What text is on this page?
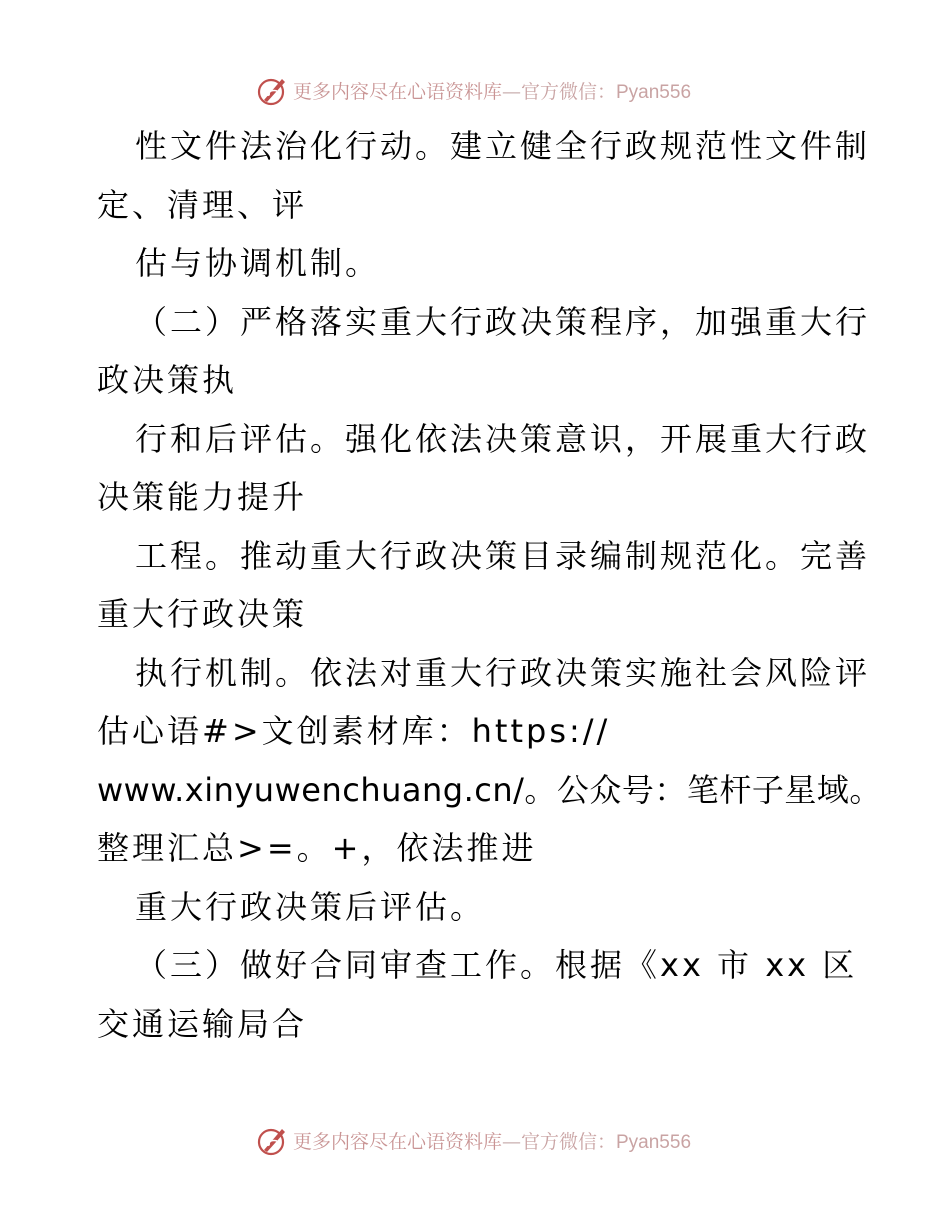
更多内容尽在心语资料库—官方微信：Pyan556
性文件法治化行动。建立健全行政规范性文件制
定、清理、评
估与协调机制。
（二）严格落实重大行政决策程序，加强重大行
政决策执
行和后评估。强化依法决策意识，开展重大行政
决策能力提升
工程。推动重大行政决策目录编制规范化。完善
重大行政决策
执行机制。依法对重大行政决策实施社会风险评
估心语#>文创素材库：https://
www.xinyuwenchuang.cn/。公众号：笔杆子星域。
整理汇总>=。+，依法推进
重大行政决策后评估。
（三）做好合同审查工作。根据《xx 市 xx 区
交通运输局合
更多内容尽在心语资料库—官方微信：Pyan556
